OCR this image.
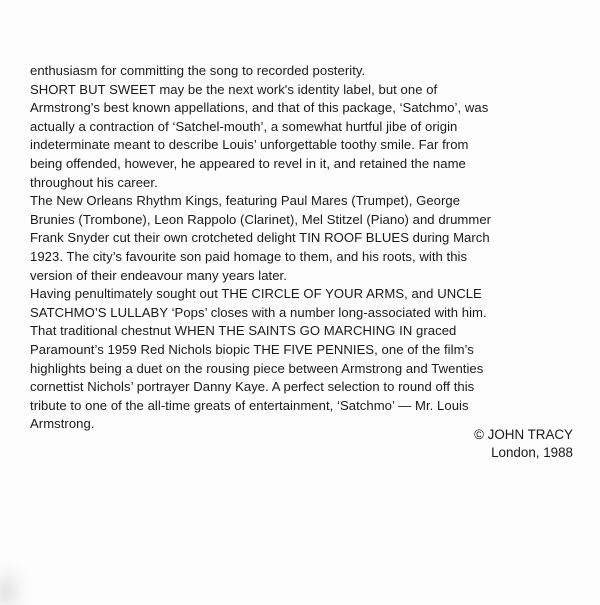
enthusiasm for committing the song to recorded posterity.
SHORT BUT SWEET may be the next work's identity label, but one of
Armstrong's best known appellations, and that of this package, ‘Satchmo’, was
actually a contraction of ‘Satchel-mouth’, a somewhat hurtful jibe of origin
indeterminate meant to describe Louis’ unforgettable toothy smile. Far from
being offended, however, he appeared to revel in it, and retained the name
throughout his career.
The New Orleans Rhythm Kings, featuring Paul Mares (Trumpet), George
Brunies (Trombone), Leon Rappolo (Clarinet), Mel Stitzel (Piano) and drummer
Frank Snyder cut their own crotcheted delight TIN ROOF BLUES during March
1923. The city’s favourite son paid homage to them, and his roots, with this
version of their endeavour many years later.
Having penultimately sought out THE CIRCLE OF YOUR ARMS, and UNCLE
SATCHMO’S LULLABY ‘Pops’ closes with a number long-associated with him.
That traditional chestnut WHEN THE SAINTS GO MARCHING IN graced
Paramount’s 1959 Red Nichols biopic THE FIVE PENNIES, one of the film’s
highlights being a duet on the rousing piece between Armstrong and Twenties
cornettist Nichols’ portrayer Danny Kaye. A perfect selection to round off this
tribute to one of the all-time greats of entertainment, ‘Satchmo’ — Mr. Louis
Armstrong.
© JOHN TRACY
London, 1988
